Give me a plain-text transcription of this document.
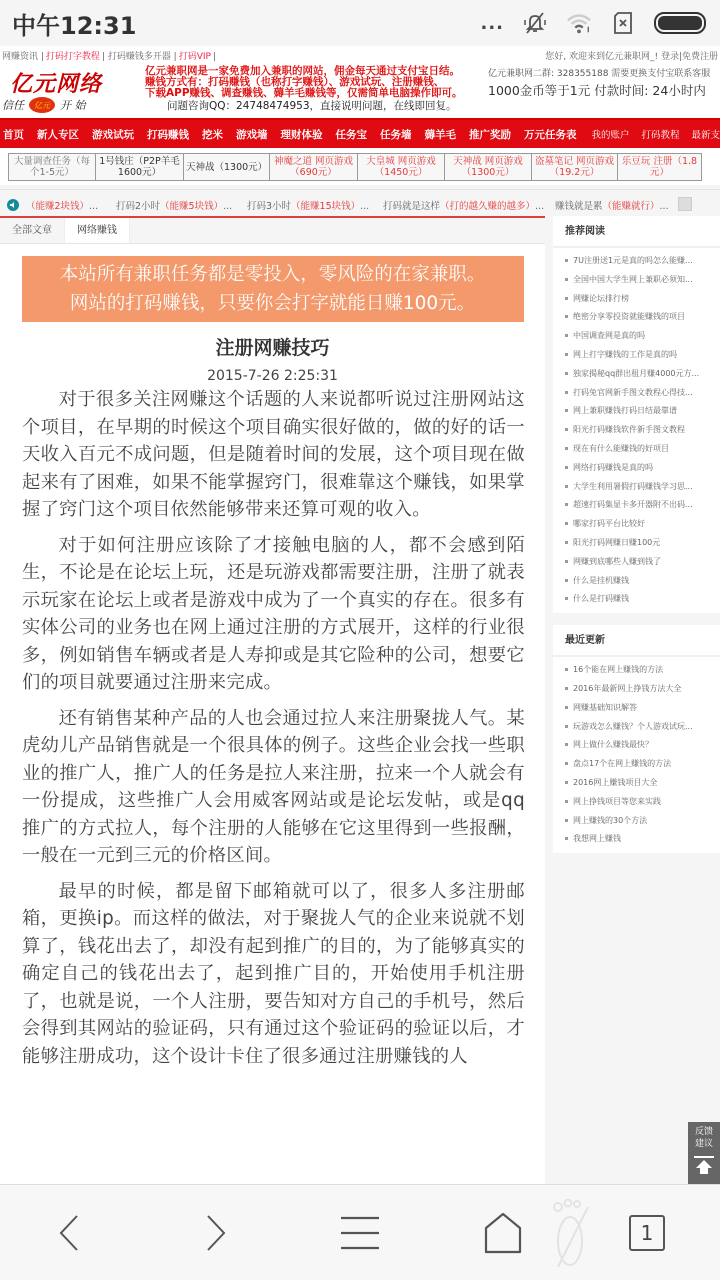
中午12:31	...
网赚资讯 | 打码打字教程 | 打码赚钱多开器 | 打码VIP |	您好, 欢迎来到亿元兼职网_! 登录|免费注册
亿元网络
信任	亿元 开 始
亿元兼职网是一家免费加入兼职的网站，佣金每天通过支付宝日结。
赚钱方式有：打码赚钱（也称打字赚钱）、游戏试玩、注册赚钱、
下载APP赚钱、调查赚钱、薅羊毛赚钱等，仅需简单电脑操作即可。
问题咨询QQ：24748474953，直接说明问题，在线即回复。
亿元兼职网二群: 328355188 需要更换支付宝联系客服
1000金币等于1元 付款时间: 24小时内
首页 新人专区 游戏试玩 打码赚钱 挖米 游戏墙 理财体验 任务宝 任务墙 薅羊毛 推广奖励 万元任务表 我的账户 打码教程 最新支
大量调查任务（每个1-5元）
1号钱庄（P2P羊毛1600元）	天神战（1300元） 神魔之道 网页游戏（690元）
大皇城 网页游戏（1450元）
天神战 网页游戏（1300元）
盗墓笔记 网页游戏（19.2元）
乐豆玩 注册（1.8元）
（能赚2块钱）... 打码2小时（能赚5块钱）... 打码3小时（能赚15块钱）... 打码就是这样（打的越久赚的越多）... 赚钱就是累（能赚就行）...
全部文章	网络赚钱
本站所有兼职任务都是零投入，零风险的在家兼职。
网站的打码赚钱，只要你会打字就能日赚100元。
注册网赚技巧
2015-7-26 2:25:31

对于很多关注网赚这个话题的人来说都听说过注册网站这个项目，在早期的时候这个项目确实很好做的，做的好的话一天收入百元不成问题，但是随着时间的发展，这个项目现在做起来有了困难，如果不能掌握窍门，很难靠这个赚钱，如果掌握了窍门这个项目依然能够带来还算可观的收入。

对于如何注册应该除了才接触电脑的人，都不会感到陌生，不论是在论坛上玩，还是玩游戏都需要注册，注册了就表示玩家在论坛上或者是游戏中成为了一个真实的存在。很多有实体公司的业务也在网上通过注册的方式展开，这样的行业很多，例如销售车辆或者是人寿抑或是其它险种的公司，想要它们的项目就要通过注册来完成。

还有销售某种产品的人也会通过拉人来注册聚拢人气。某虎幼儿产品销售就是一个很具体的例子。这些企业会找一些职业的推广人，推广人的任务是拉人来注册，拉来一个人就会有一份提成，这些推广人会用威客网站或是论坛发帖，或是qq推广的方式拉人，每个注册的人能够在它这里得到一些报酬，一般在一元到三元的价格区间。

最早的时候，都是留下邮箱就可以了，很多人多注册邮箱，更换ip。而这样的做法，对于聚拢人气的企业来说就不划算了，钱花出去了，却没有起到推广的目的，为了能够真实的确定自己的钱花出去了，起到推广目的，开始使用手机注册了，也就是说，一个人注册，要告知对方自己的手机号，然后会得到其网站的验证码，只有通过这个验证码的验证以后，才能够注册成功，这个设计卡住了很多通过注册赚钱的人

推荐阅读
7U注册送1元是真的吗怎么能赚...
全国中国大学生网上兼职必须知...
网赚论坛排行榜
绝密分享零投资就能赚钱的项目
中国调查网是真的吗
网上打字赚钱的工作是真的吗
独家揭秘qq群出租月赚4000元方...
打码兔官网新手图文教程心得技...
网上兼职赚钱打码日结最靠谱
阳光打码赚钱软件新手图文教程
现在有什么能赚钱的好项目
网络打码赚钱是真的吗
大学生利用暑假打码赚钱学习思...
超速打码集显卡多开器附不出码...
哪家打码平台比较好
阳光打码网赚日赚100元
网赚到底哪些人赚到钱了
什么是挂机赚钱
什么是打码赚钱
最近更新
16个能在网上赚钱的方法
2016年最新网上挣钱方法大全
网赚基础知识解答
玩游戏怎么赚钱？个人游戏试玩...
网上做什么赚钱最快？
盘点17个在网上赚钱的方法
2016网上赚钱项目大全
网上挣钱项目等您来实践
网上赚钱的30个方法
我想网上赚钱
反馈
建议
1
